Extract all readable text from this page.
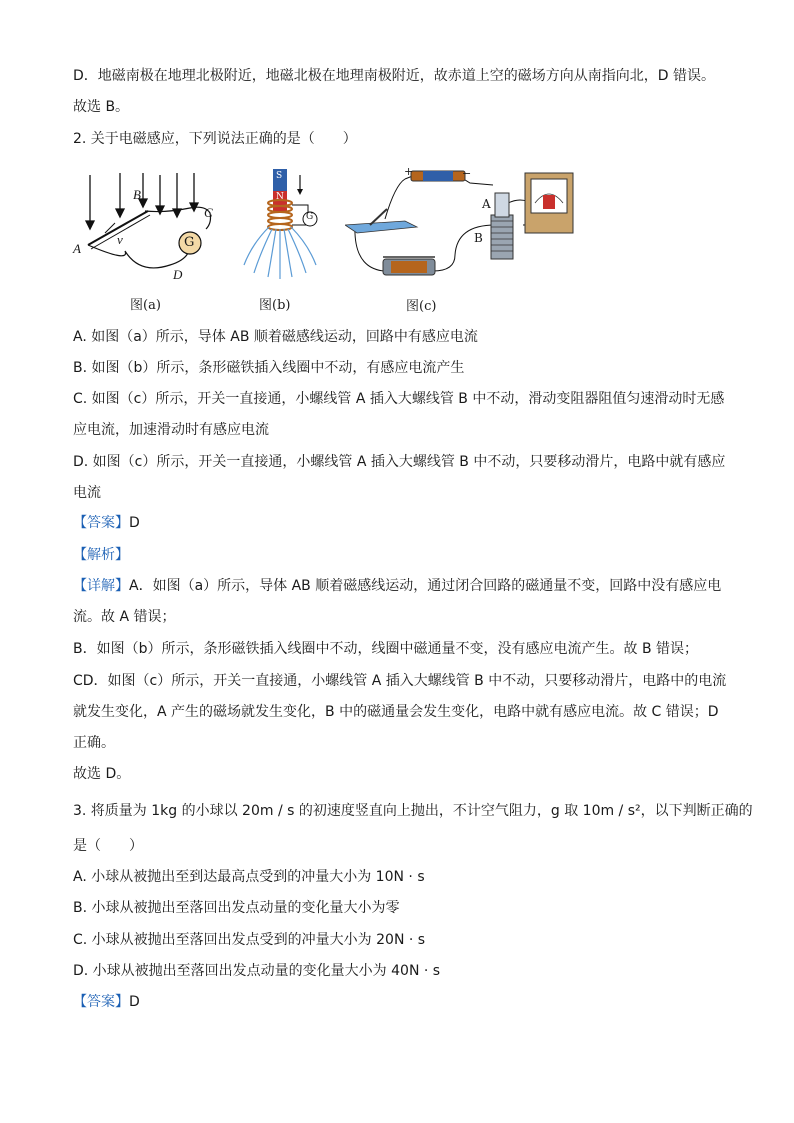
D．地磁南极在地理北极附近，地磁北极在地理南极附近，故赤道上空的磁场方向从南指向北，D 错误。
故选 B。
2. 关于电磁感应，下列说法正确的是（　　）
A
B
C
D
v	G
图(a)
S
N
G
图(b)
+	−
A
B
图(c)
A. 如图（a）所示，导体 AB 顺着磁感线运动，回路中有感应电流
B. 如图（b）所示，条形磁铁插入线圈中不动，有感应电流产生
C. 如图（c）所示，开关一直接通，小螺线管 A 插入大螺线管 B 中不动，滑动变阻器阻值匀速滑动时无感
应电流，加速滑动时有感应电流
D. 如图（c）所示，开关一直接通，小螺线管 A 插入大螺线管 B 中不动，只要移动滑片，电路中就有感应
电流
【答案】D
【解析】
【详解】A．如图（a）所示，导体 AB 顺着磁感线运动，通过闭合回路的磁通量不变，回路中没有感应电
流。故 A 错误；
B．如图（b）所示，条形磁铁插入线圈中不动，线圈中磁通量不变，没有感应电流产生。故 B 错误；
CD．如图（c）所示，开关一直接通，小螺线管 A 插入大螺线管 B 中不动，只要移动滑片，电路中的电流
就发生变化，A 产生的磁场就发生变化，B 中的磁通量会发生变化，电路中就有感应电流。故 C 错误；D
正确。
故选 D。
3. 将质量为 1kg 的小球以 20m / s 的初速度竖直向上抛出，不计空气阻力，g 取 10m / s²，以下判断正确的
是（　　）
A. 小球从被抛出至到达最高点受到的冲量大小为 10N · s
B. 小球从被抛出至落回出发点动量的变化量大小为零
C. 小球从被抛出至落回出发点受到的冲量大小为 20N · s
D. 小球从被抛出至落回出发点动量的变化量大小为 40N · s
【答案】D
